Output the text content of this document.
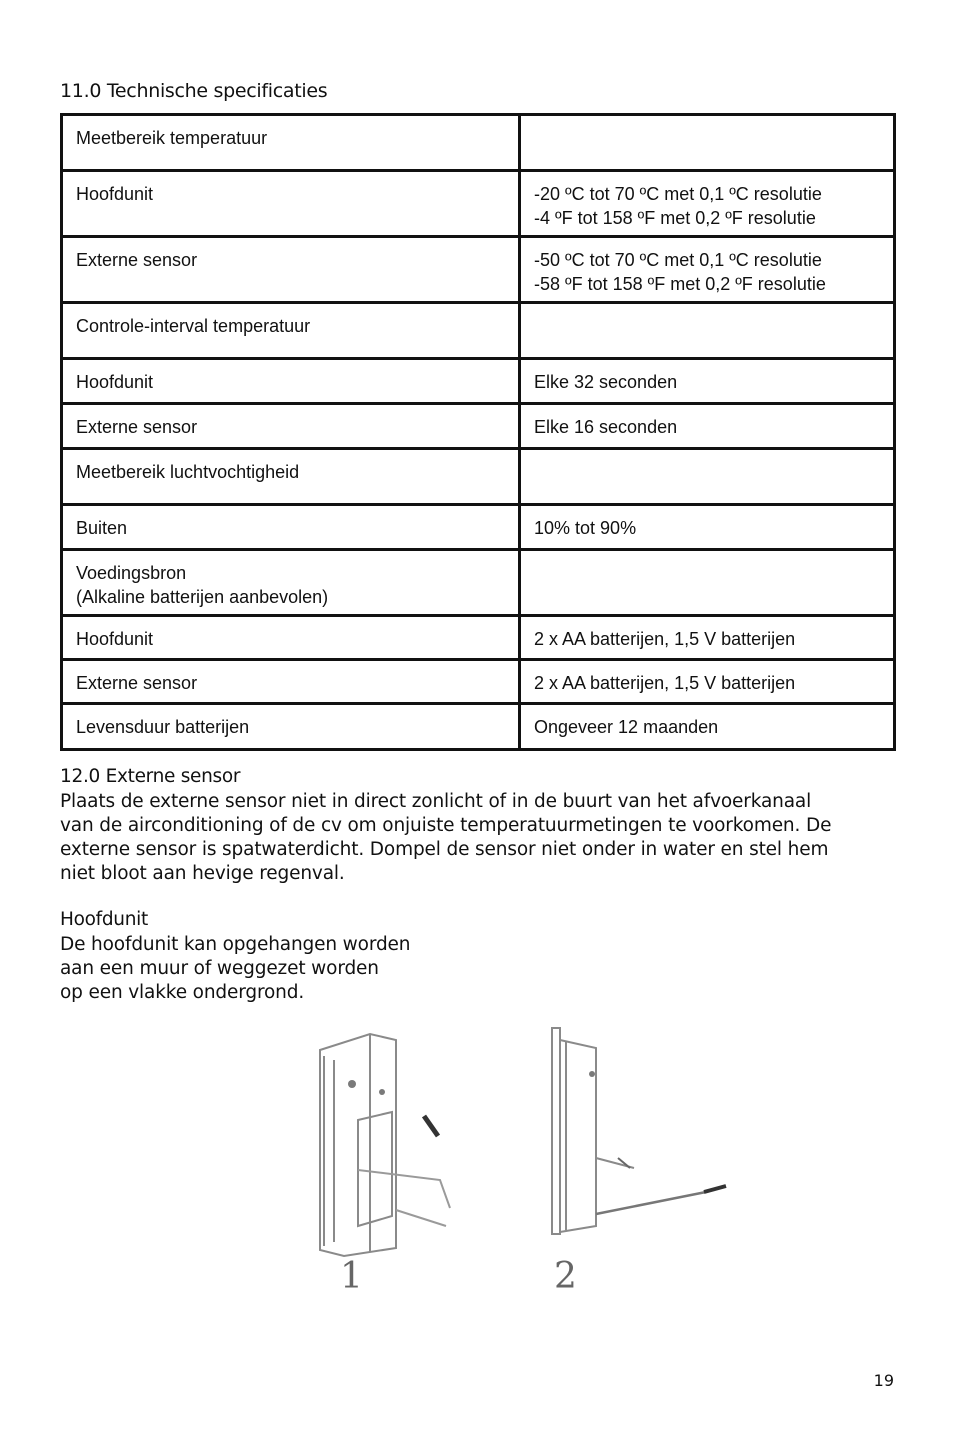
11.0 Technische specificaties
Meetbereik temperatuur	
Hoofdunit	-20 ºC tot 70 ºC met 0,1 ºC resolutie
-4 ºF tot 158 ºF met 0,2 ºF resolutie
Externe sensor	-50 ºC tot 70 ºC met 0,1 ºC resolutie
-58 ºF tot 158 ºF met 0,2 ºF resolutie
Controle-interval temperatuur	
Hoofdunit	Elke 32 seconden
Externe sensor	Elke 16 seconden
Meetbereik luchtvochtigheid	
Buiten	10% tot 90%
Voedingsbron
(Alkaline batterijen aanbevolen)	
Hoofdunit	2 x AA batterijen, 1,5 V batterijen
Externe sensor	2 x AA batterijen, 1,5 V batterijen
Levensduur batterijen	Ongeveer 12 maanden
12.0 Externe sensor

Plaats de externe sensor niet in direct zonlicht of in de buurt van het afvoerkanaal
van de airconditioning of de cv om onjuiste temperatuurmetingen te voorkomen. De
externe sensor is spatwaterdicht. Dompel de sensor niet onder in water en stel hem
niet bloot aan hevige regenval.

Hoofdunit

De hoofdunit kan opgehangen worden
aan een muur of weggezet worden
op een vlakke ondergrond.

1	2
19
